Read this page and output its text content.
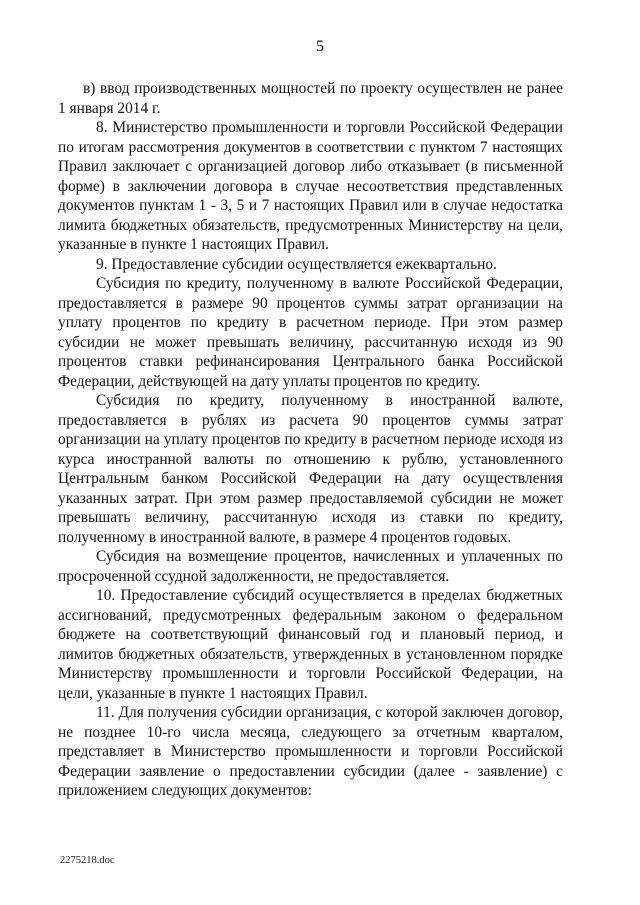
5

в) ввод производственных мощностей по проекту осуществлен не ранее 1 января 2014 г.

8. Министерство промышленности и торговли Российской Федерации по итогам рассмотрения документов в соответствии с пунктом 7 настоящих Правил заключает с организацией договор либо отказывает (в письменной форме) в заключении договора в случае несоответствия представленных документов пунктам 1 - 3, 5 и 7 настоящих Правил или в случае недостатка лимита бюджетных обязательств, предусмотренных Министерству на цели, указанные в пункте 1 настоящих Правил.

9. Предоставление субсидии осуществляется ежеквартально.

Субсидия по кредиту, полученному в валюте Российской Федерации, предоставляется в размере 90 процентов суммы затрат организации на уплату процентов по кредиту в расчетном периоде. При этом размер субсидии не может превышать величину, рассчитанную исходя из 90 процентов ставки рефинансирования Центрального банка Российской Федерации, действующей на дату уплаты процентов по кредиту.

Субсидия по кредиту, полученному в иностранной валюте, предоставляется в рублях из расчета 90 процентов суммы затрат организации на уплату процентов по кредиту в расчетном периоде исходя из курса иностранной валюты по отношению к рублю, установленного Центральным банком Российской Федерации на дату осуществления указанных затрат. При этом размер предоставляемой субсидии не может превышать величину, рассчитанную исходя из ставки по кредиту, полученному в иностранной валюте, в размере 4 процентов годовых.

Субсидия на возмещение процентов, начисленных и уплаченных по просроченной ссудной задолженности, не предоставляется.

10. Предоставление субсидий осуществляется в пределах бюджетных ассигнований, предусмотренных федеральным законом о федеральном бюджете на соответствующий финансовый год и плановый период, и лимитов бюджетных обязательств, утвержденных в установленном порядке Министерству промышленности и торговли Российской Федерации, на цели, указанные в пункте 1 настоящих Правил.

11. Для получения субсидии организация, с которой заключен договор, не позднее 10-го числа месяца, следующего за отчетным кварталом, представляет в Министерство промышленности и торговли Российской Федерации заявление о предоставлении субсидии (далее - заявление) с приложением следующих документов:

2275218.doc
